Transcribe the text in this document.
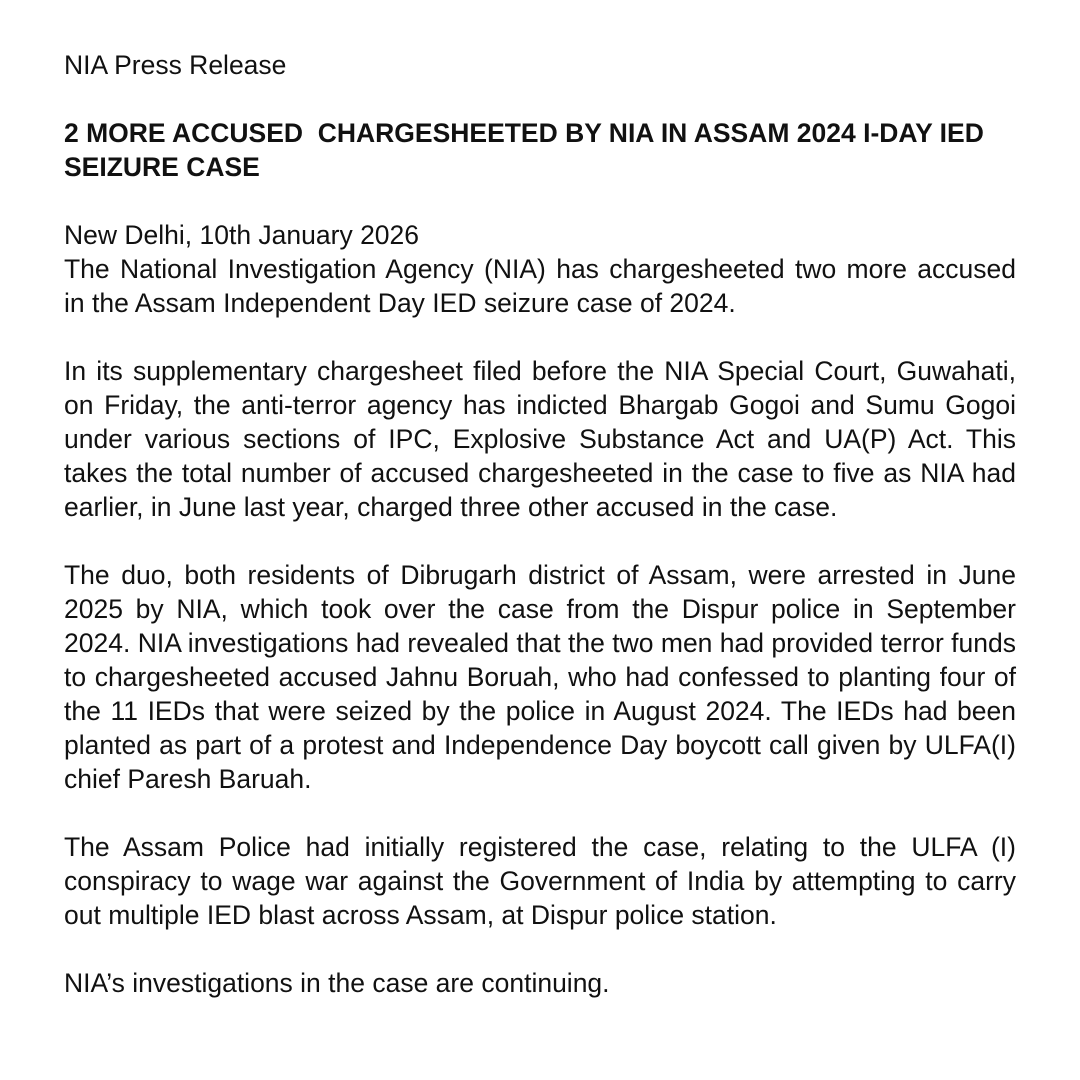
NIA Press Release

2 MORE ACCUSED  CHARGESHEETED BY NIA IN ASSAM 2024 I-DAY IED SEIZURE CASE

New Delhi, 10th January 2026

The National Investigation Agency (NIA) has chargesheeted two more accused in the Assam Independent Day IED seizure case of 2024.

In its supplementary chargesheet filed before the NIA Special Court, Guwahati, on Friday, the anti-terror agency has indicted Bhargab Gogoi and Sumu Gogoi under various sections of IPC, Explosive Substance Act and UA(P) Act. This takes the total number of accused chargesheeted in the case to five as NIA had earlier, in June last year, charged three other accused in the case.

The duo, both residents of Dibrugarh district of Assam, were arrested in June 2025 by NIA, which took over the case from the Dispur police in September 2024. NIA investigations had revealed that the two men had provided terror funds to chargesheeted accused Jahnu Boruah, who had confessed to planting four of the 11 IEDs that were seized by the police in August 2024. The IEDs had been planted as part of a protest and Independence Day boycott call given by ULFA(I) chief Paresh Baruah.

The Assam Police had initially registered the case, relating to the ULFA (I) conspiracy to wage war against the Government of India by attempting to carry out multiple IED blast across Assam, at Dispur police station.

NIA’s investigations in the case are continuing.
